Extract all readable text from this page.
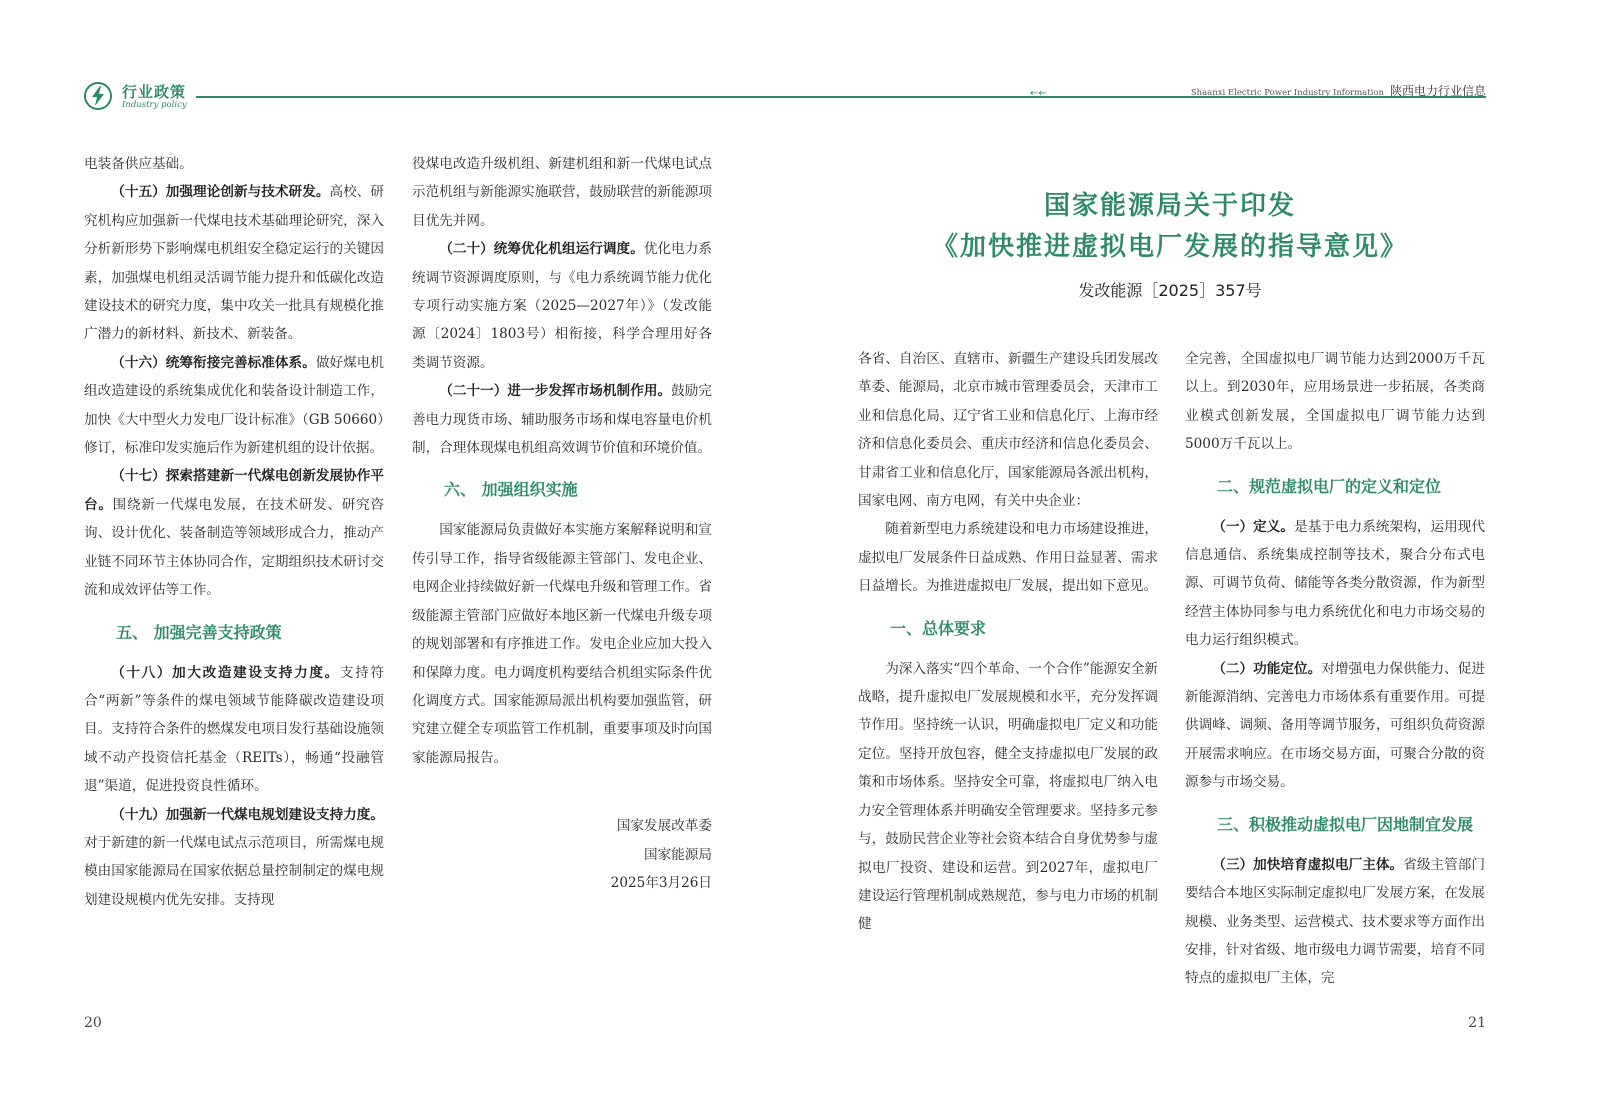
行业政策
Industry policy
←←	Shaanxi Electric Power Industry Information 陕西电力行业信息

电装备供应基础。

（十五）加强理论创新与技术研发。高校、研究机构应加强新一代煤电技术基础理论研究，深入分析新形势下影响煤电机组安全稳定运行的关键因素，加强煤电机组灵活调节能力提升和低碳化改造建设技术的研究力度，集中攻关一批具有规模化推广潜力的新材料、新技术、新装备。

（十六）统筹衔接完善标准体系。做好煤电机组改造建设的系统集成优化和装备设计制造工作，加快《大中型火力发电厂设计标准》（GB 50660）修订，标准印发实施后作为新建机组的设计依据。

（十七）探索搭建新一代煤电创新发展协作平台。围绕新一代煤电发展，在技术研发、研究咨询、设计优化、装备制造等领域形成合力，推动产业链不同环节主体协同合作，定期组织技术研讨交流和成效评估等工作。

五、 加强完善支持政策

（十八）加大改造建设支持力度。支持符合“两新”等条件的煤电领域节能降碳改造建设项目。支持符合条件的燃煤发电项目发行基础设施领域不动产投资信托基金（REITs），畅通“投融管退”渠道，促进投资良性循环。

（十九）加强新一代煤电规划建设支持力度。对于新建的新一代煤电试点示范项目，所需煤电规模由国家能源局在国家依据总量控制制定的煤电规划建设规模内优先安排。支持现

役煤电改造升级机组、新建机组和新一代煤电试点示范机组与新能源实施联营，鼓励联营的新能源项目优先并网。

（二十）统筹优化机组运行调度。优化电力系统调节资源调度原则，与《电力系统调节能力优化专项行动实施方案（2025—2027年）》（发改能源〔2024〕1803号）相衔接，科学合理用好各类调节资源。

（二十一）进一步发挥市场机制作用。鼓励完善电力现货市场、辅助服务市场和煤电容量电价机制，合理体现煤电机组高效调节价值和环境价值。

六、 加强组织实施

国家能源局负责做好本实施方案解释说明和宣传引导工作，指导省级能源主管部门、发电企业、电网企业持续做好新一代煤电升级和管理工作。省级能源主管部门应做好本地区新一代煤电升级专项的规划部署和有序推进工作。发电企业应加大投入和保障力度。电力调度机构要结合机组实际条件优化调度方式。国家能源局派出机构要加强监管，研究建立健全专项监管工作机制，重要事项及时向国家能源局报告。

国家发展改革委

国家能源局

2025年3月26日

国家能源局关于印发
《加快推进虚拟电厂发展的指导意见》
发改能源［2025］357号

各省、自治区、直辖市、新疆生产建设兵团发展改革委、能源局，北京市城市管理委员会，天津市工业和信息化局、辽宁省工业和信息化厅、上海市经济和信息化委员会、重庆市经济和信息化委员会、甘肃省工业和信息化厅，国家能源局各派出机构，国家电网、南方电网，有关中央企业：

随着新型电力系统建设和电力市场建设推进，虚拟电厂发展条件日益成熟、作用日益显著、需求日益增长。为推进虚拟电厂发展，提出如下意见。

一、总体要求

为深入落实“四个革命、一个合作”能源安全新战略，提升虚拟电厂发展规模和水平，充分发挥调节作用。坚持统一认识，明确虚拟电厂定义和功能定位。坚持开放包容，健全支持虚拟电厂发展的政策和市场体系。坚持安全可靠，将虚拟电厂纳入电力安全管理体系并明确安全管理要求。坚持多元参与，鼓励民营企业等社会资本结合自身优势参与虚拟电厂投资、建设和运营。到2027年，虚拟电厂建设运行管理机制成熟规范，参与电力市场的机制健

全完善，全国虚拟电厂调节能力达到2000万千瓦以上。到2030年，应用场景进一步拓展，各类商业模式创新发展，全国虚拟电厂调节能力达到5000万千瓦以上。

二、规范虚拟电厂的定义和定位

（一）定义。是基于电力系统架构，运用现代信息通信、系统集成控制等技术，聚合分布式电源、可调节负荷、储能等各类分散资源，作为新型经营主体协同参与电力系统优化和电力市场交易的电力运行组织模式。

（二）功能定位。对增强电力保供能力、促进新能源消纳、完善电力市场体系有重要作用。可提供调峰、调频、备用等调节服务，可组织负荷资源开展需求响应。在市场交易方面，可聚合分散的资源参与市场交易。

三、积极推动虚拟电厂因地制宜发展

（三）加快培育虚拟电厂主体。省级主管部门要结合本地区实际制定虚拟电厂发展方案，在发展规模、业务类型、运营模式、技术要求等方面作出安排，针对省级、地市级电力调节需要，培育不同特点的虚拟电厂主体，完

20	21
